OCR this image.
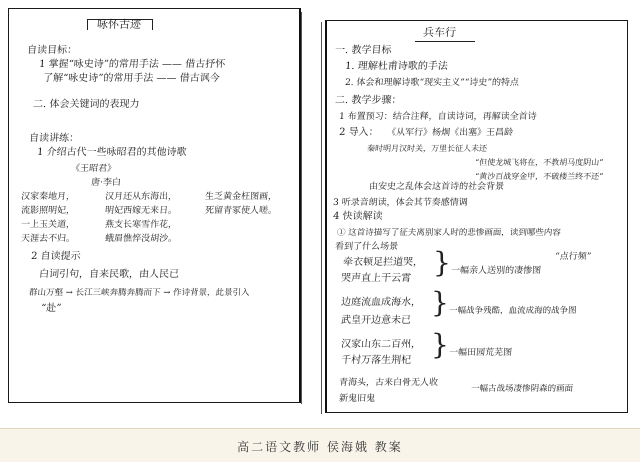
咏怀古迹
自读目标：
1 掌握“咏史诗”的常用手法 —— 借古抒怀
了解“咏史诗”的常用手法 —— 借古讽今
二. 体会关键词的表现力
自读讲练：
1 介绍古代一些咏昭君的其他诗歌
《王昭君》
唐·李白
汉家秦地月，
流影照明妃，
一上玉关道，
天涯去不归。
汉月还从东海出，
明妃西嫁无来日。
燕支长寒雪作花，
蛾眉憔悴没胡沙。
生乏黄金枉图画，
死留青冢使人嗟。
2 自读提示
白词引句，自来民歌，由人民已
群山万壑 → 长江三峡奔腾奔腾而下 → 作诗背景，此景引入
“赴”
兵车行
一. 教学目标
1. 理解杜甫诗歌的手法
2. 体会和理解诗歌“现实主义”“诗史”的特点
二. 教学步骤：
1 布置预习：结合注释，自读诗词，再解读全首诗
2 导入： 《从军行》杨炯《出塞》王昌龄
秦时明月汉时关，万里长征人未还
“但使龙城飞将在，不教胡马度阴山”
“黄沙百战穿金甲，不破楼兰终不还”
由安史之乱体会这首诗的社会背景
3 听录音朗读，体会其节奏感情调
4 快读解读
① 这首诗描写了征夫离别家人时的悲惨画面，读到哪些内容
看到了什么场景
牵衣顿足拦道哭，
哭声直上干云霄 } 一幅亲人送别的凄惨图
“点行频”
边庭流血成海水，
武皇开边意未已
} 一幅战争残酷，血流成海的战争图
汉家山东二百州，
千村万落生荆杞 } 一幅田园荒芜图
青海头，古来白骨无人收
新鬼旧鬼
一幅古战场凄惨阴森的画面
高二语文教师 侯海娥 教案
